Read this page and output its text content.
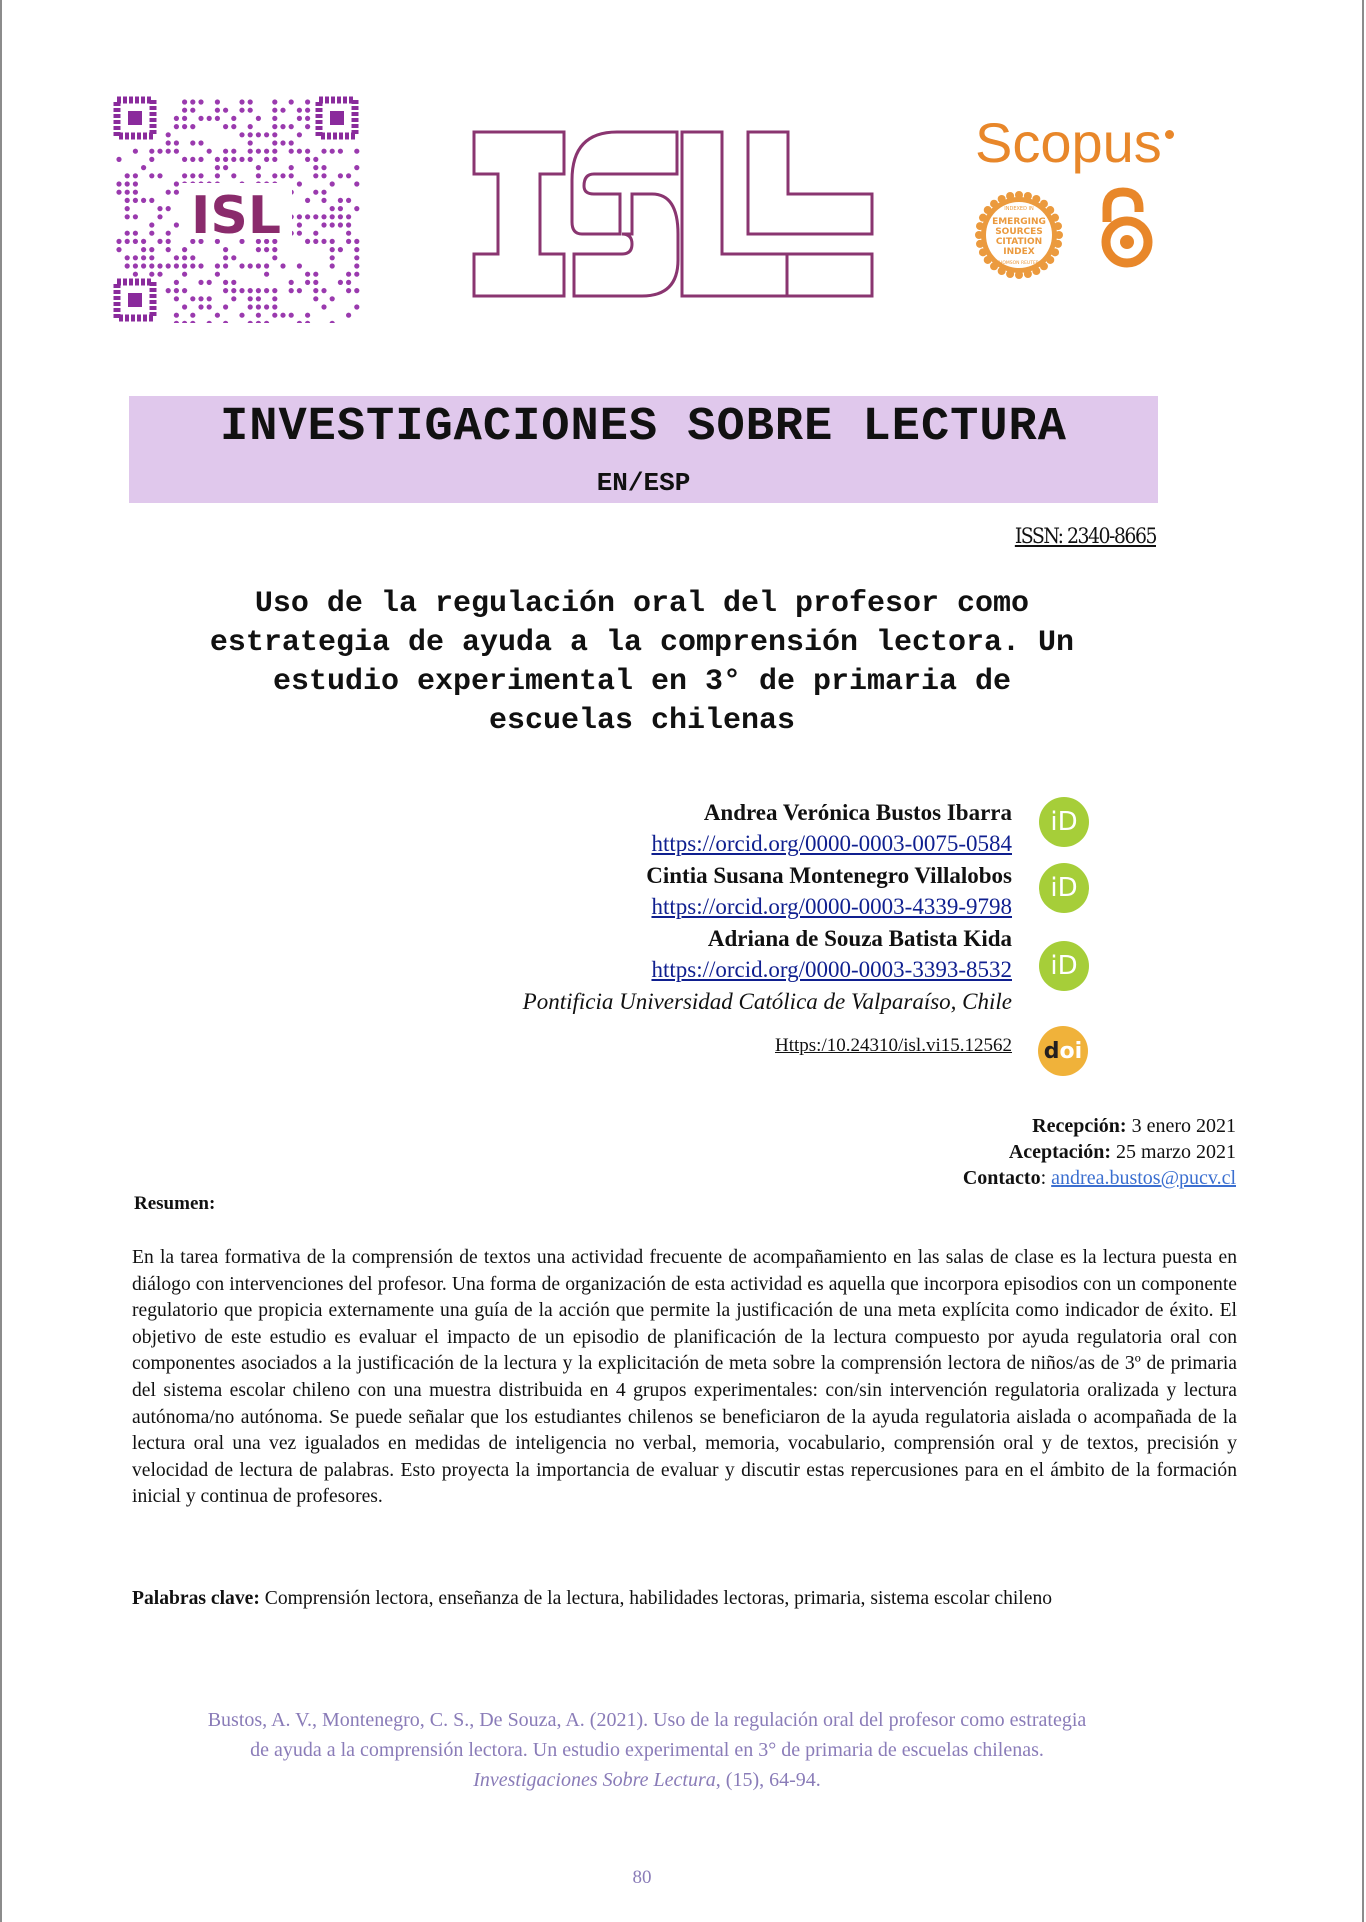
ISL
Scopus
INDEXED IN
EMERGING
SOURCES
CITATION
INDEX
THOMSON REUTERS
INVESTIGACIONES SOBRE LECTURA
EN/ESP
ISSN: 2340-8665
Uso de la regulación oral del profesor como
estrategia de ayuda a la comprensión lectora. Un
estudio experimental en 3° de primaria de
escuelas chilenas
Andrea Verónica Bustos Ibarra
https://orcid.org/0000-0003-0075-0584
Cintia Susana Montenegro Villalobos
https://orcid.org/0000-0003-4339-9798
Adriana de Souza Batista Kida
https://orcid.org/0000-0003-3393-8532
Pontificia Universidad Católica de Valparaíso, Chile
iD
iD
iD
Https:/10.24310/isl.vi15.12562 d oi
Recepción: 3 enero 2021
Aceptación: 25 marzo 2021
Contacto: andrea.bustos@pucv.cl
Resumen:
En la tarea formativa de la comprensión de textos una actividad frecuente de acompañamiento en las salas de clase es la lectura puesta en diálogo con intervenciones del profesor. Una forma de organización de esta actividad es aquella que incorpora episodios con un componente regulatorio que propicia externamente una guía de la acción que permite la justificación de una meta explícita como indicador de éxito. El objetivo de este estudio es evaluar el impacto de un episodio de planificación de la lectura compuesto por ayuda regulatoria oral con componentes asociados a la justificación de la lectura y la explicitación de meta sobre la comprensión lectora de niños/as de 3º de primaria del sistema escolar chileno con una muestra distribuida en 4 grupos experimentales: con/sin intervención regulatoria oralizada y lectura autónoma/no autónoma. Se puede señalar que los estudiantes chilenos se beneficiaron de la ayuda regulatoria aislada o acompañada de la lectura oral una vez igualados en medidas de inteligencia no verbal, memoria, vocabulario, comprensión oral y de textos, precisión y velocidad de lectura de palabras. Esto proyecta la importancia de evaluar y discutir estas repercusiones para en el ámbito de la formación inicial y continua de profesores.
Palabras clave: Comprensión lectora, enseñanza de la lectura, habilidades lectoras, primaria, sistema escolar chileno
Bustos, A. V., Montenegro, C. S., De Souza, A. (2021). Uso de la regulación oral del profesor como estrategia
de ayuda a la comprensión lectora. Un estudio experimental en 3° de primaria de escuelas chilenas.
Investigaciones Sobre Lectura, (15), 64-94.
80
